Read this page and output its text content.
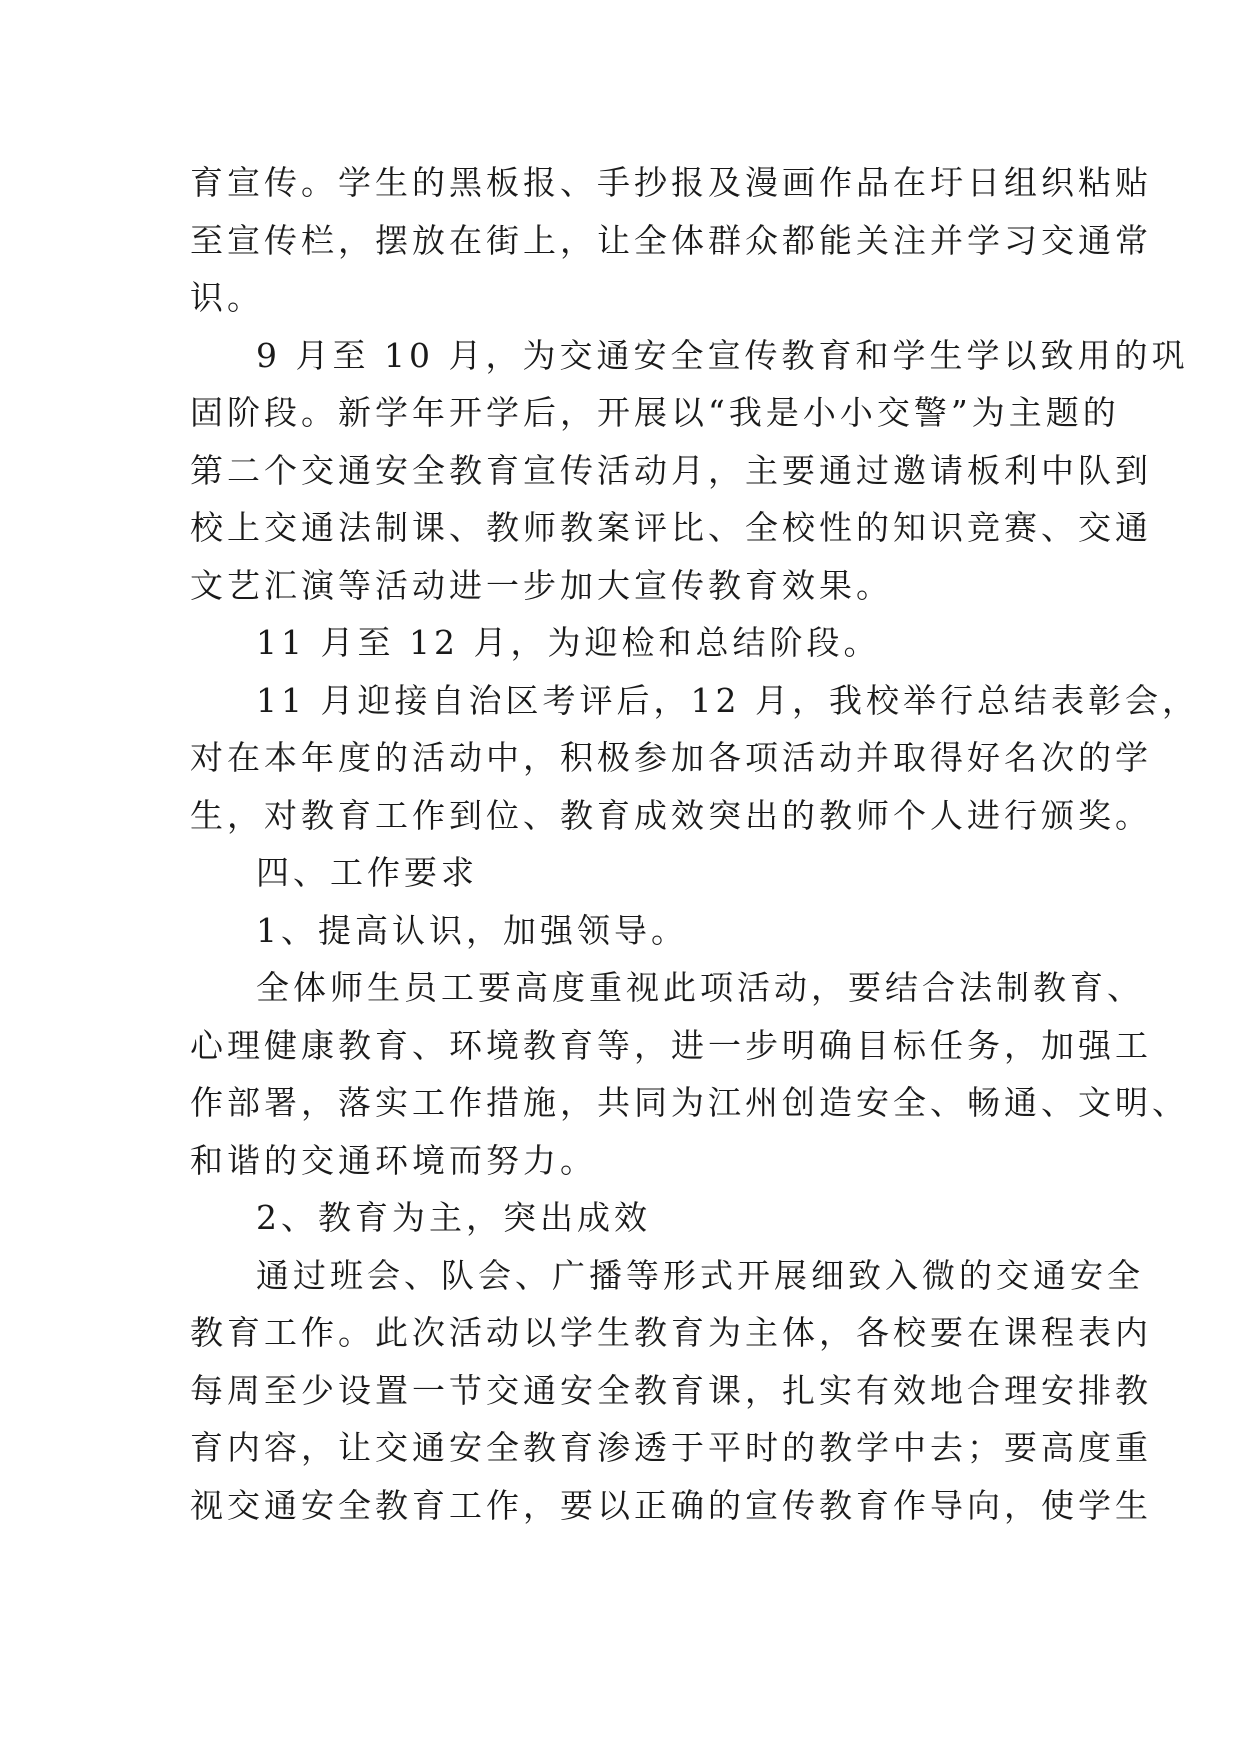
育宣传。学生的黑板报、手抄报及漫画作品在圩日组织粘贴
至宣传栏，摆放在街上，让全体群众都能关注并学习交通常
识。

9 月至 10 月，为交通安全宣传教育和学生学以致用的巩
固阶段。新学年开学后，开展以“我是小小交警”为主题的
第二个交通安全教育宣传活动月，主要通过邀请板利中队到
校上交通法制课、教师教案评比、全校性的知识竞赛、交通
文艺汇演等活动进一步加大宣传教育效果。

11 月至 12 月，为迎检和总结阶段。

11 月迎接自治区考评后，12 月，我校举行总结表彰会，
对在本年度的活动中，积极参加各项活动并取得好名次的学
生，对教育工作到位、教育成效突出的教师个人进行颁奖。

四、工作要求

1、提高认识，加强领导。

全体师生员工要高度重视此项活动，要结合法制教育、
心理健康教育、环境教育等，进一步明确目标任务，加强工
作部署，落实工作措施，共同为江州创造安全、畅通、文明、
和谐的交通环境而努力。

2、教育为主，突出成效

通过班会、队会、广播等形式开展细致入微的交通安全
教育工作。此次活动以学生教育为主体，各校要在课程表内
每周至少设置一节交通安全教育课，扎实有效地合理安排教
育内容，让交通安全教育渗透于平时的教学中去；要高度重
视交通安全教育工作，要以正确的宣传教育作导向，使学生
